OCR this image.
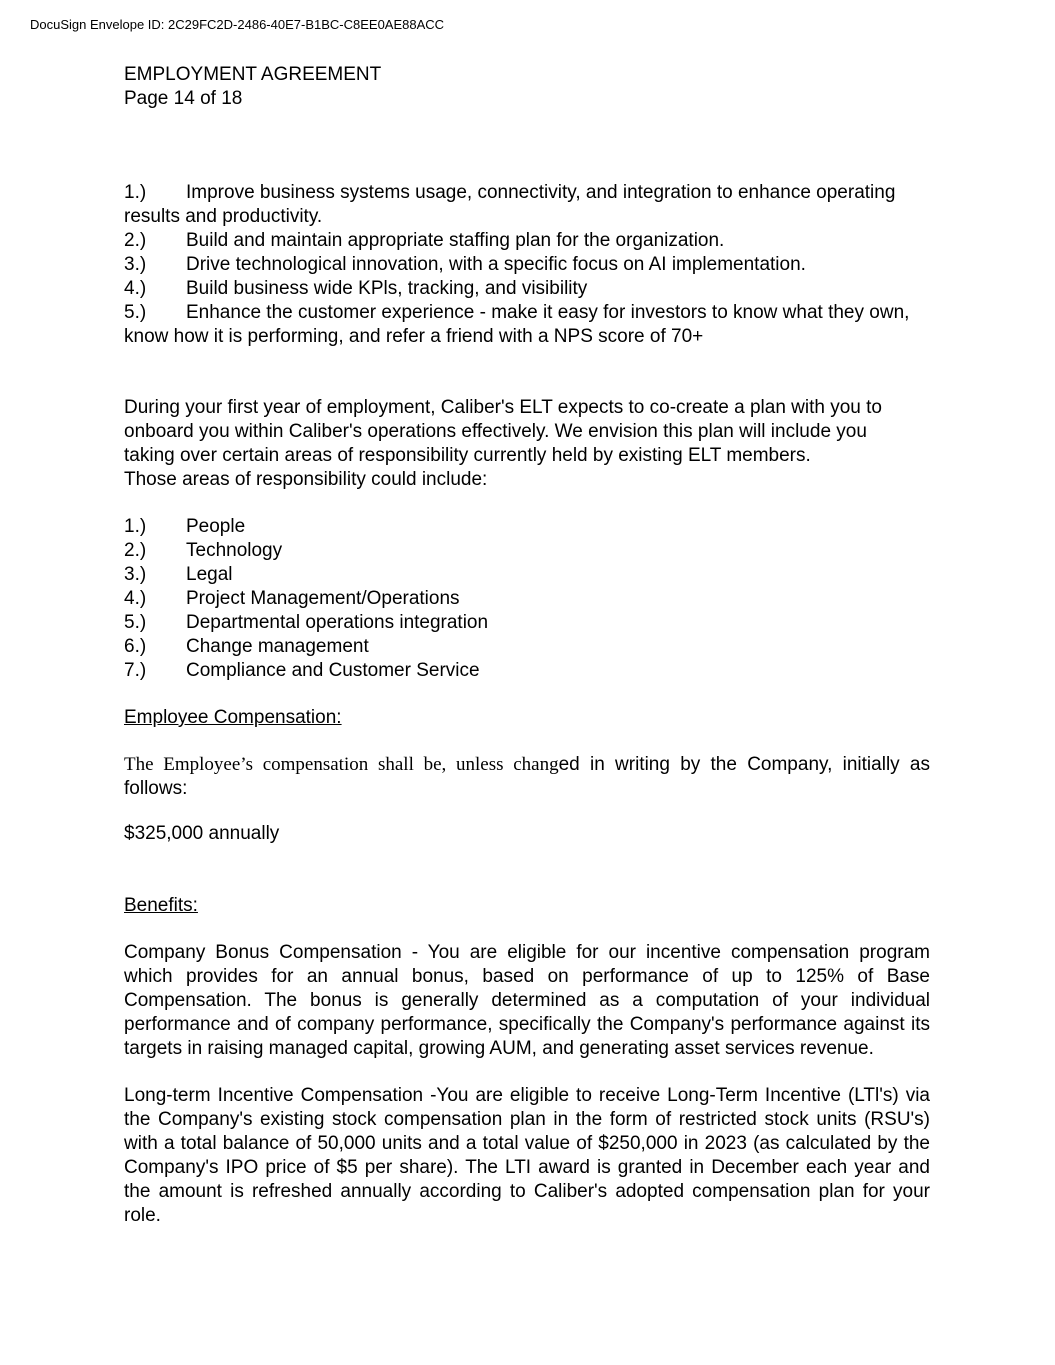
DocuSign Envelope ID: 2C29FC2D-2486-40E7-B1BC-C8EE0AE88ACC
EMPLOYMENT AGREEMENT
Page 14 of 18
1.)	Improve business systems usage, connectivity, and integration to enhance operating

results and productivity.

2.)	Build and maintain appropriate staffing plan for the organization.
3.)	Drive technological innovation, with a specific focus on AI implementation.
4.)	Build business wide KPls, tracking, and visibility
5.)	Enhance the customer experience - make it easy for investors to know what they own,

know how it is performing, and refer a friend with a NPS score of 70+

During your first year of employment, Caliber's ELT expects to co-create a plan with you to

onboard you within Caliber's operations effectively. We envision this plan will include you

taking over certain areas of responsibility currently held by existing ELT members.

Those areas of responsibility could include:

1.)	People
2.)	Technology
3.)	Legal
4.)	Project Management/Operations
5.)	Departmental operations integration
6.)	Change management
7.)	Compliance and Customer Service
Employee Compensation:

The Employee’s compensation shall be, unless changed in writing by the Company, initially as

follows:

$325,000 annually
Benefits:
Company Bonus Compensation - You are eligible for our incentive compensation program which provides for an annual bonus, based on performance of up to 125% of Base Compensation. The bonus is generally determined as a computation of your individual performance and of company performance, specifically the Company's performance against its targets in raising managed capital, growing AUM, and generating asset services revenue.
Long-term Incentive Compensation -You are eligible to receive Long-Term Incentive (LTl's) via the Company's existing stock compensation plan in the form of restricted stock units (RSU's) with a total balance of 50,000 units and a total value of $250,000 in 2023 (as calculated by the Company's IPO price of $5 per share). The LTI award is granted in December each year and the amount is refreshed annually according to Caliber's adopted compensation plan for your role.
